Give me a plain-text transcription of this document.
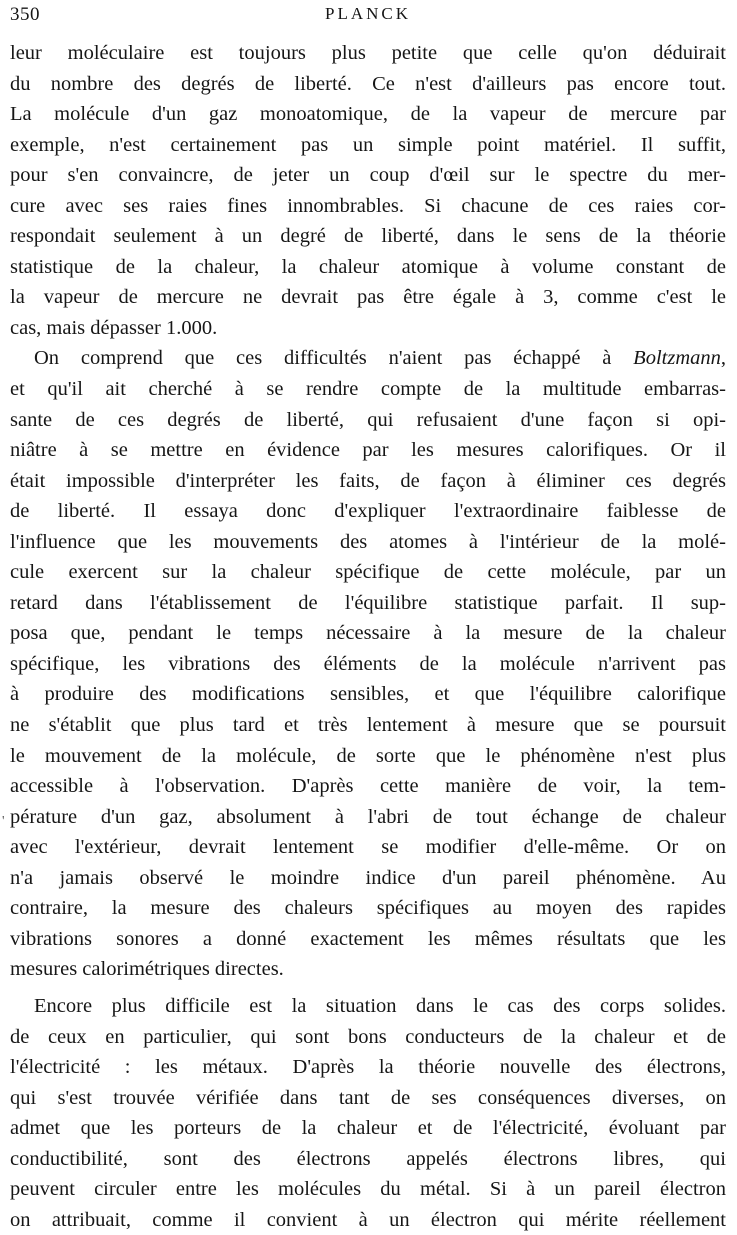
350	PLANCK
'
leur moléculaire est toujours plus petite que celle qu'on déduirait
du nombre des degrés de liberté. Ce n'est d'ailleurs pas encore tout.
La molécule d'un gaz monoatomique, de la vapeur de mercure par
exemple, n'est certainement pas un simple point matériel. Il suffit,
pour s'en convaincre, de jeter un coup d'œil sur le spectre du mer-
cure avec ses raies fines innombrables. Si chacune de ces raies cor-
respondait seulement à un degré de liberté, dans le sens de la théorie
statistique de la chaleur, la chaleur atomique à volume constant de
la vapeur de mercure ne devrait pas être égale à 3, comme c'est le
cas, mais dépasser 1.000.
On comprend que ces difficultés n'aient pas échappé à Boltzmann,
et qu'il ait cherché à se rendre compte de la multitude embarras-
sante de ces degrés de liberté, qui refusaient d'une façon si opi-
niâtre à se mettre en évidence par les mesures calorifiques. Or il
était impossible d'interpréter les faits, de façon à éliminer ces degrés
de liberté. Il essaya donc d'expliquer l'extraordinaire faiblesse de
l'influence que les mouvements des atomes à l'intérieur de la molé-
cule exercent sur la chaleur spécifique de cette molécule, par un
retard dans l'établissement de l'équilibre statistique parfait. Il sup-
posa que, pendant le temps nécessaire à la mesure de la chaleur
spécifique, les vibrations des éléments de la molécule n'arrivent pas
à produire des modifications sensibles, et que l'équilibre calorifique
ne s'établit que plus tard et très lentement à mesure que se poursuit
le mouvement de la molécule, de sorte que le phénomène n'est plus
accessible à l'observation. D'après cette manière de voir, la tem-
pérature d'un gaz, absolument à l'abri de tout échange de chaleur
avec l'extérieur, devrait lentement se modifier d'elle-même. Or on
n'a jamais observé le moindre indice d'un pareil phénomène. Au
contraire, la mesure des chaleurs spécifiques au moyen des rapides
vibrations sonores a donné exactement les mêmes résultats que les
mesures calorimétriques directes.
Encore plus difficile est la situation dans le cas des corps solides.
de ceux en particulier, qui sont bons conducteurs de la chaleur et de
l'électricité : les métaux. D'après la théorie nouvelle des électrons,
qui s'est trouvée vérifiée dans tant de ses conséquences diverses, on
admet que les porteurs de la chaleur et de l'électricité, évoluant par
conductibilité, sont des électrons appelés électrons libres, qui
peuvent circuler entre les molécules du métal. Si à un pareil électron
on attribuait, comme il convient à un électron qui mérite réellement
